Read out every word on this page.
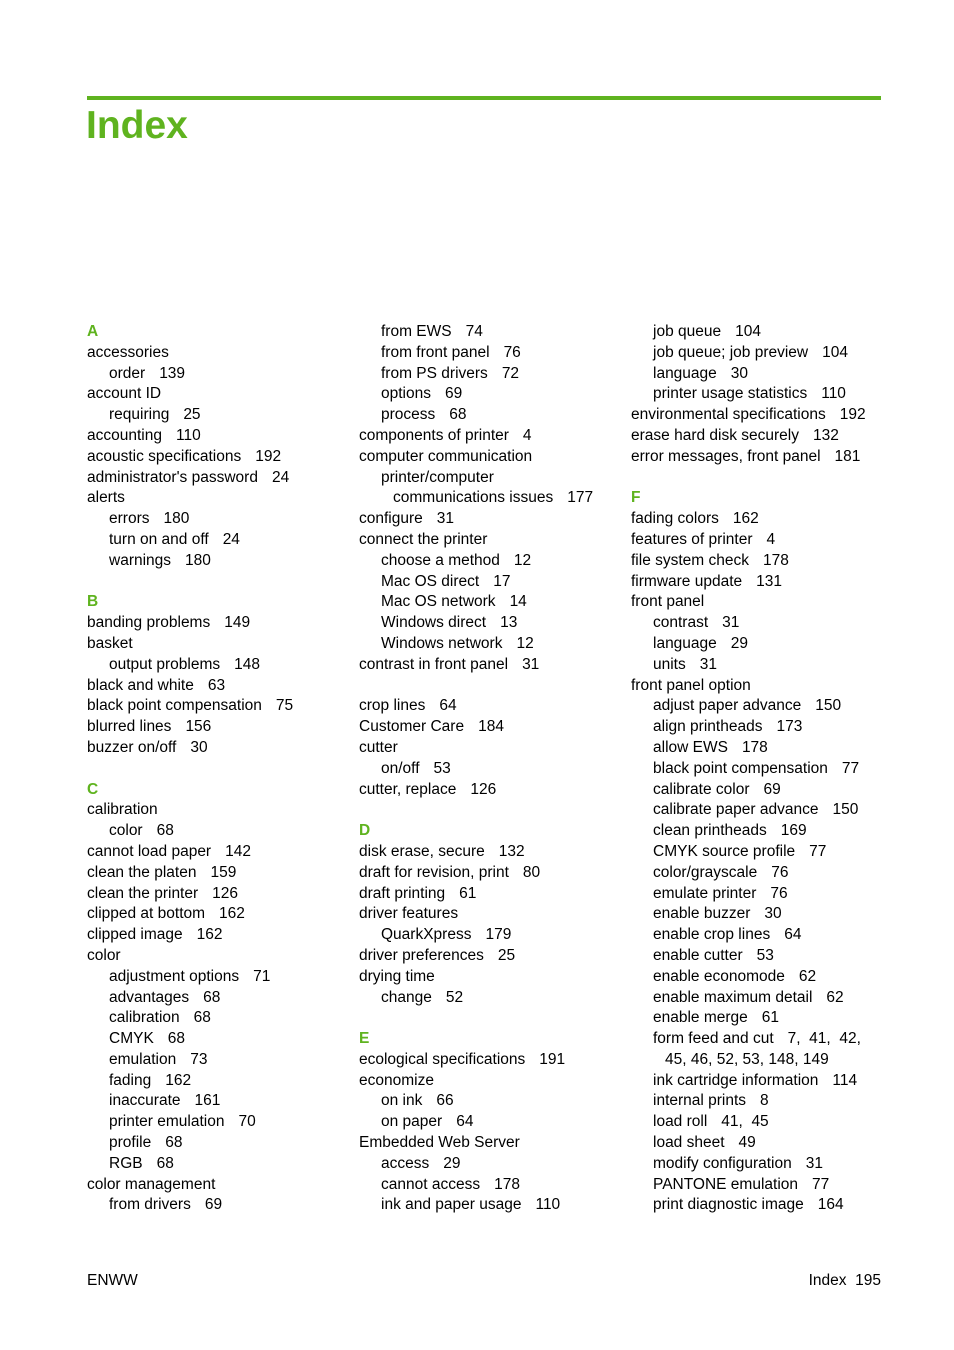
Index
A
accessories
order 139
account ID
requiring 25
accounting 110
acoustic specifications 192
administrator's password 24
alerts
errors 180
turn on and off 24
warnings 180
B
banding problems 149
basket
output problems 148
black and white 63
black point compensation 75
blurred lines 156
buzzer on/off 30
C
calibration
color 68
cannot load paper 142
clean the platen 159
clean the printer 126
clipped at bottom 162
clipped image 162
color
adjustment options 71
advantages 68
calibration 68
CMYK 68
emulation 73
fading 162
inaccurate 161
printer emulation 70
profile 68
RGB 68
color management
from drivers 69
from EWS 74
from front panel 76
from PS drivers 72
options 69
process 68
components of printer 4
computer communication
printer/computer
communications issues 177
configure 31
connect the printer
choose a method 12
Mac OS direct 17
Mac OS network 14
Windows direct 13
Windows network 12
contrast in front panel 31
crop lines 64
Customer Care 184
cutter
on/off 53
cutter, replace 126
D
disk erase, secure 132
draft for revision, print 80
draft printing 61
driver features
QuarkXpress 179
driver preferences 25
drying time
change 52
E
ecological specifications 191
economize
on ink 66
on paper 64
Embedded Web Server
access 29
cannot access 178
ink and paper usage 110
job queue 104
job queue; job preview 104
language 30
printer usage statistics 110
environmental specifications 192
erase hard disk securely 132
error messages, front panel 181
F
fading colors 162
features of printer 4
file system check 178
firmware update 131
front panel
contrast 31
language 29
units 31
front panel option
adjust paper advance 150
align printheads 173
allow EWS 178
black point compensation 77
calibrate color 69
calibrate paper advance 150
clean printheads 169
CMYK source profile 77
color/grayscale 76
emulate printer 76
enable buzzer 30
enable crop lines 64
enable cutter 53
enable economode 62
enable maximum detail 62
enable merge 61
form feed and cut 7,  41,  42,
45, 46, 52, 53, 148, 149
ink cartridge information 114
internal prints 8
load roll 41,  45
load sheet 49
modify configuration 31
PANTONE emulation 77
print diagnostic image 164
ENWW	Index  195
